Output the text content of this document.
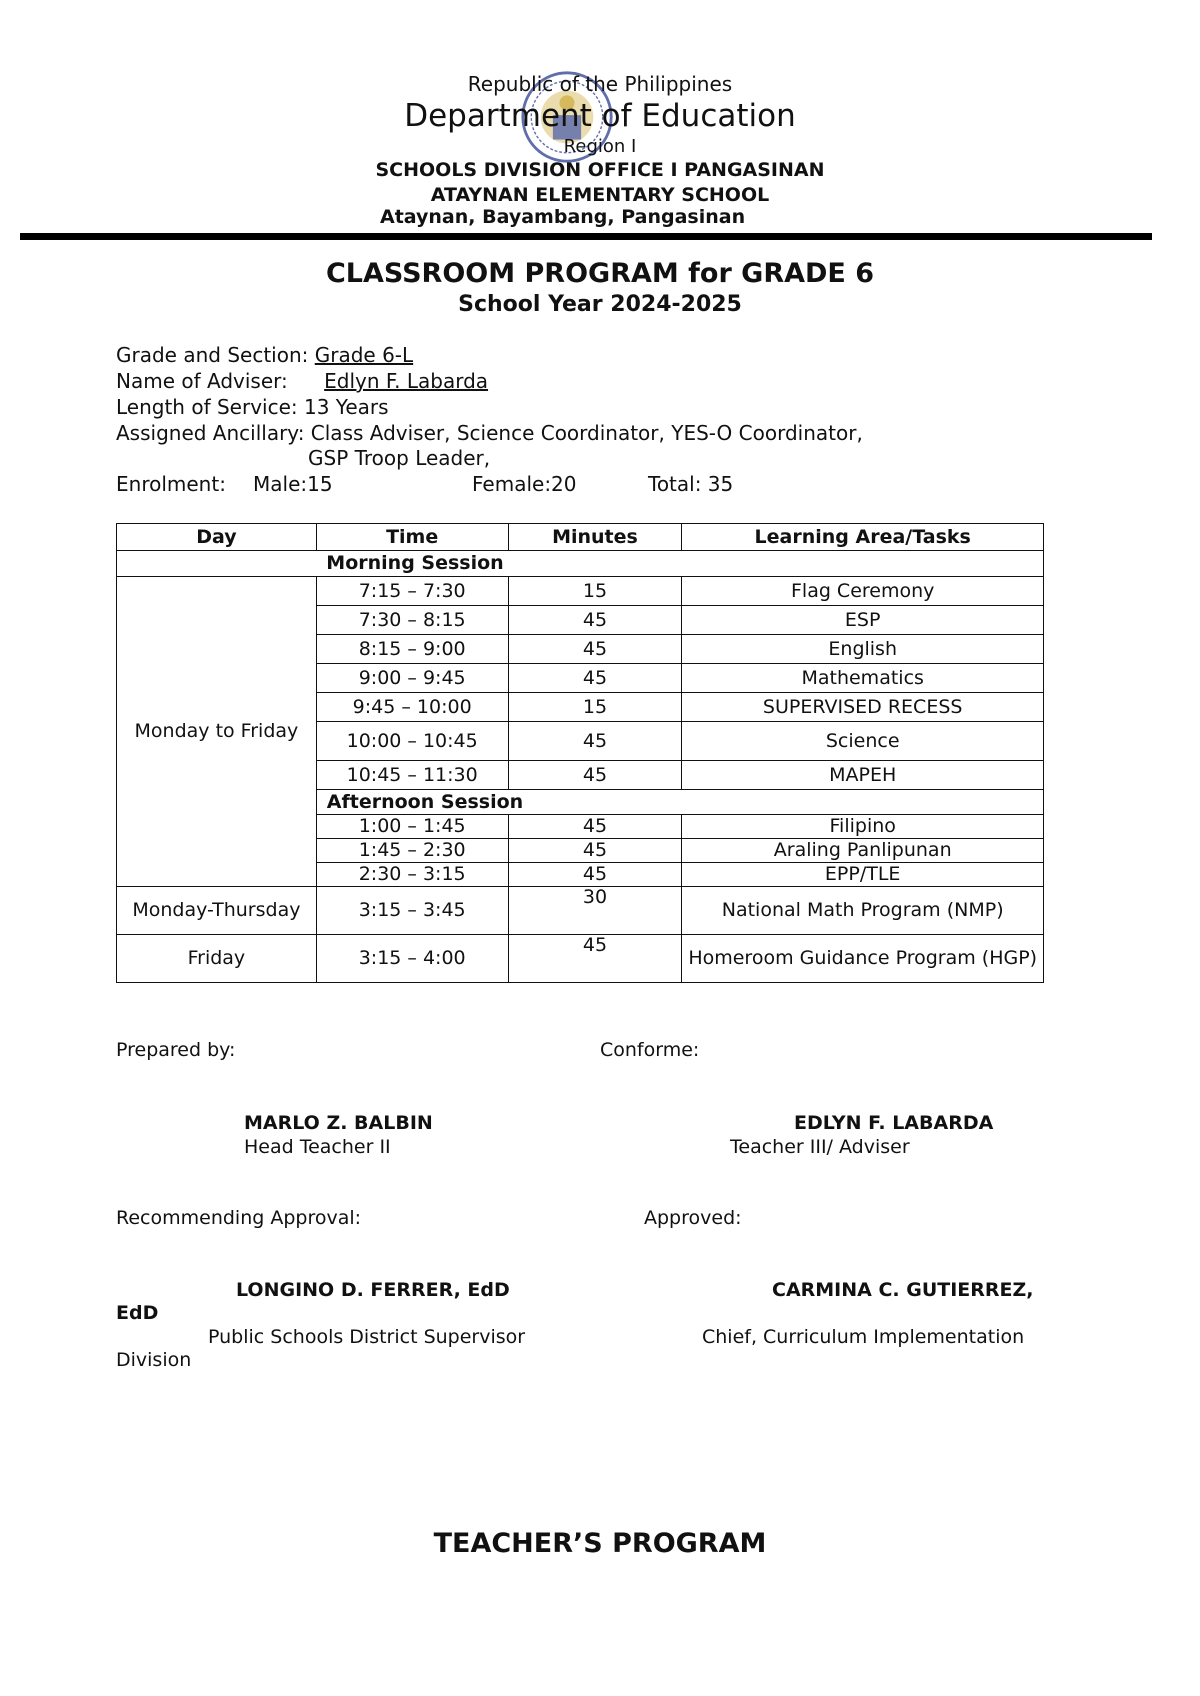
Republic of the Philippines
Department of Education
Region I
SCHOOLS DIVISION OFFICE I PANGASINAN
ATAYNAN ELEMENTARY SCHOOL
Ataynan, Bayambang, Pangasinan
CLASSROOM PROGRAM for GRADE 6
School Year 2024-2025
Grade and Section: Grade 6-L
Name of Adviser: Edlyn F. Labarda
Length of Service: 13 Years
Assigned Ancillary: Class Adviser, Science Coordinator, YES-O Coordinator,
GSP Troop Leader,
Enrolment: Male:15	Female:20	Total: 35
Day	Time	Minutes	Learning Area/Tasks
	Morning Session		
Monday to Friday	7:15 – 7:30	15	Flag Ceremony
	7:30 – 8:15	45	ESP
	8:15 – 9:00	45	English
	9:00 – 9:45	45	Mathematics
	9:45 – 10:00	15	SUPERVISED RECESS
	10:00 – 10:45	45	Science
	10:45 – 11:30	45	MAPEH
	Afternoon Session		
	1:00 – 1:45	45	Filipino
	1:45 – 2:30	45	Araling Panlipunan
	2:30 – 3:15	45	EPP/TLE
Monday-Thursday	3:15 – 3:45	30	National Math Program (NMP)
Friday	3:15 – 4:00	45	Homeroom Guidance Program (HGP)
Prepared by:	Conforme:
MARLO Z. BALBIN
Head Teacher II
EDLYN F. LABARDA
Teacher III/ Adviser
Recommending Approval:	Approved:
LONGINO D. FERRER, EdD	CARMINA C. GUTIERREZ,
EdD
Public Schools District Supervisor	Chief, Curriculum Implementation
Division
TEACHER’S PROGRAM
